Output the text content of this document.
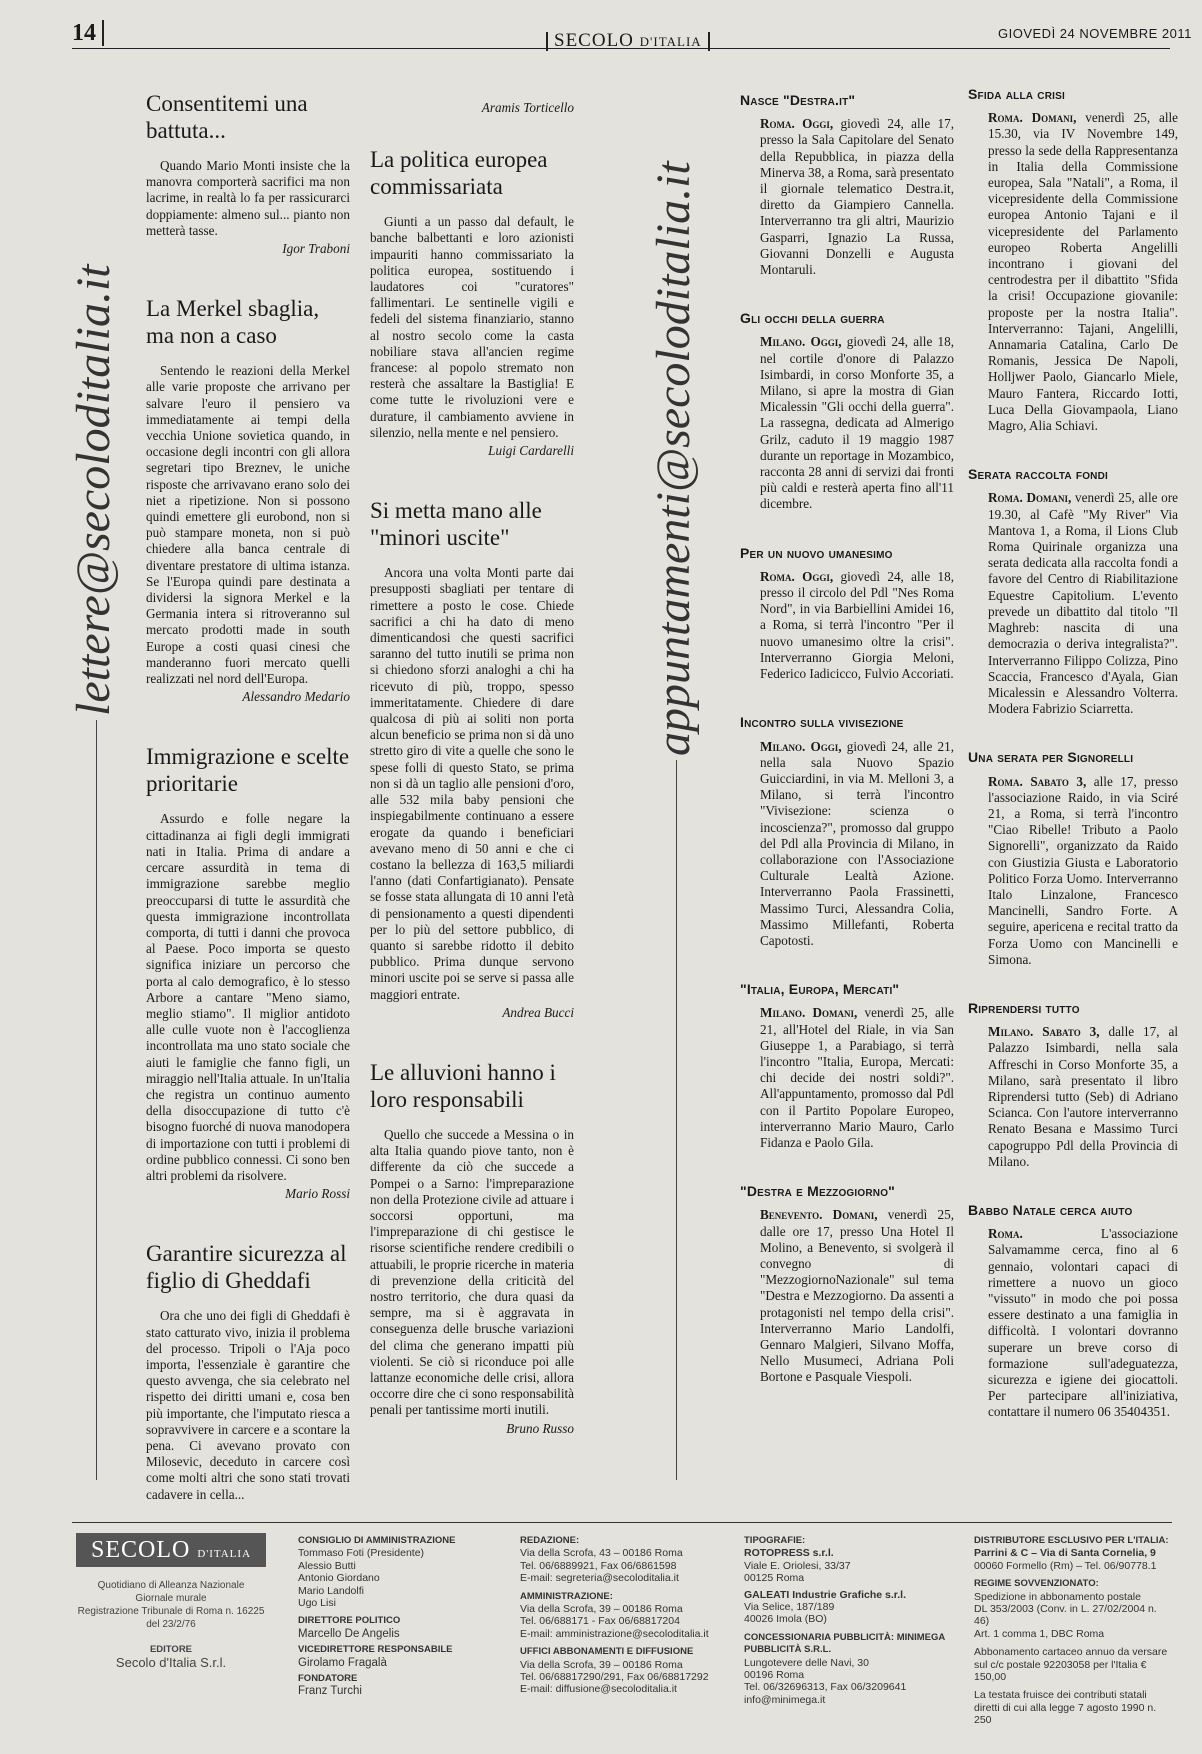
14	SECOLO D'ITALIA
GIOVEDÌ 24 NOVEMBRE 2011
lettere@secoloditalia.it	appuntamenti@secoloditalia.it
Consentitemi una battuta...

Quando Mario Monti insiste che la manovra comporterà sacrifici ma non lacrime, in realtà lo fa per rassicurarci doppiamente: almeno sul... pianto non metterà tasse.

Igor Traboni
La Merkel sbaglia, ma non a caso

Sentendo le reazioni della Merkel alle varie proposte che arrivano per salvare l'euro il pensiero va immediatamente ai tempi della vecchia Unione sovietica quando, in occasione degli incontri con gli allora segretari tipo Breznev, le uniche risposte che arrivavano erano solo dei niet a ripetizione. Non si possono quindi emettere gli eurobond, non si può stampare moneta, non si può chiedere alla banca centrale di diventare prestatore di ultima istanza. Se l'Europa quindi pare destinata a dividersi la signora Merkel e la Germania intera si ritroveranno sul mercato prodotti made in south Europe a costi quasi cinesi che manderanno fuori mercato quelli realizzati nel nord dell'Europa.

Alessandro Medario
Immigrazione e scelte prioritarie

Assurdo e folle negare la cittadinanza ai figli degli immigrati nati in Italia. Prima di andare a cercare assurdità in tema di immigrazione sarebbe meglio preoccuparsi di tutte le assurdità che questa immigrazione incontrollata comporta, di tutti i danni che provoca al Paese. Poco importa se questo significa iniziare un percorso che porta al calo demografico, è lo stesso Arbore a cantare "Meno siamo, meglio stiamo". Il miglior antidoto alle culle vuote non è l'accoglienza incontrollata ma uno stato sociale che aiuti le famiglie che fanno figli, un miraggio nell'Italia attuale. In un'Italia che registra un continuo aumento della disoccupazione di tutto c'è bisogno fuorché di nuova manodopera di importazione con tutti i problemi di ordine pubblico connessi. Ci sono ben altri problemi da risolvere.

Mario Rossi
Garantire sicurezza al figlio di Gheddafi

Ora che uno dei figli di Gheddafi è stato catturato vivo, inizia il problema del processo. Tripoli o l'Aja poco importa, l'essenziale è garantire che questo avvenga, che sia celebrato nel rispetto dei diritti umani e, cosa ben più importante, che l'imputato riesca a sopravvivere in carcere e a scontare la pena. Ci avevano provato con Milosevic, deceduto in carcere così come molti altri che sono stati trovati cadavere in cella...

Aramis Torticello
La politica europea commissariata

Giunti a un passo dal default, le banche balbettanti e loro azionisti impauriti hanno commissariato la politica europea, sostituendo i laudatores coi "curatores" fallimentari. Le sentinelle vigili e fedeli del sistema finanziario, stanno al nostro secolo come la casta nobiliare stava all'ancien regime francese: al popolo stremato non resterà che assaltare la Bastiglia! E come tutte le rivoluzioni vere e durature, il cambiamento avviene in silenzio, nella mente e nel pensiero.

Luigi Cardarelli
Si metta mano alle "minori uscite"

Ancora una volta Monti parte dai presupposti sbagliati per tentare di rimettere a posto le cose. Chiede sacrifici a chi ha dato di meno dimenticandosi che questi sacrifici saranno del tutto inutili se prima non si chiedono sforzi analoghi a chi ha ricevuto di più, troppo, spesso immeritatamente. Chiedere di dare qualcosa di più ai soliti non porta alcun beneficio se prima non si dà uno stretto giro di vite a quelle che sono le spese folli di questo Stato, se prima non si dà un taglio alle pensioni d'oro, alle 532 mila baby pensioni che inspiegabilmente continuano a essere erogate da quando i beneficiari avevano meno di 50 anni e che ci costano la bellezza di 163,5 miliardi l'anno (dati Confartigianato). Pensate se fosse stata allungata di 10 anni l'età di pensionamento a questi dipendenti per lo più del settore pubblico, di quanto si sarebbe ridotto il debito pubblico. Prima dunque servono minori uscite poi se serve si passa alle maggiori entrate.

Andrea Bucci
Le alluvioni hanno i loro responsabili

Quello che succede a Messina o in alta Italia quando piove tanto, non è differente da ciò che succede a Pompei o a Sarno: l'impreparazione non della Protezione civile ad attuare i soccorsi opportuni, ma l'impreparazione di chi gestisce le risorse scientifiche rendere credibili o attuabili, le proprie ricerche in materia di prevenzione della criticità del nostro territorio, che dura quasi da sempre, ma si è aggravata in conseguenza delle brusche variazioni del clima che generano impatti più violenti. Se ciò si riconduce poi alle lattanze economiche delle crisi, allora occorre dire che ci sono responsabilità penali per tantissime morti inutili.

Bruno Russo
Nasce "Destra.it"

Roma. Oggi, giovedì 24, alle 17, presso la Sala Capitolare del Senato della Repubblica, in piazza della Minerva 38, a Roma, sarà presentato il giornale telematico Destra.it, diretto da Giampiero Cannella. Interverranno tra gli altri, Maurizio Gasparri, Ignazio La Russa, Giovanni Donzelli e Augusta Montaruli.

Gli occhi della guerra

Milano. Oggi, giovedì 24, alle 18, nel cortile d'onore di Palazzo Isimbardi, in corso Monforte 35, a Milano, si apre la mostra di Gian Micalessin "Gli occhi della guerra". La rassegna, dedicata ad Almerigo Grilz, caduto il 19 maggio 1987 durante un reportage in Mozambico, racconta 28 anni di servizi dai fronti più caldi e resterà aperta fino all'11 dicembre.

Per un nuovo umanesimo

Roma. Oggi, giovedì 24, alle 18, presso il circolo del Pdl "Nes Roma Nord", in via Barbiellini Amidei 16, a Roma, si terrà l'incontro "Per il nuovo umanesimo oltre la crisi". Interverranno Giorgia Meloni, Federico Iadicicco, Fulvio Accoriati.

Incontro sulla vivisezione

Milano. Oggi, giovedì 24, alle 21, nella sala Nuovo Spazio Guicciardini, in via M. Melloni 3, a Milano, si terrà l'incontro "Vivisezione: scienza o incoscienza?", promosso dal gruppo del Pdl alla Provincia di Milano, in collaborazione con l'Associazione Culturale Lealtà Azione. Interverranno Paola Frassinetti, Massimo Turci, Alessandra Colia, Massimo Millefanti, Roberta Capotosti.

"Italia, Europa, Mercati"

Milano. Domani, venerdì 25, alle 21, all'Hotel del Riale, in via San Giuseppe 1, a Parabiago, si terrà l'incontro "Italia, Europa, Mercati: chi decide dei nostri soldi?". All'appuntamento, promosso dal Pdl con il Partito Popolare Europeo, interverranno Mario Mauro, Carlo Fidanza e Paolo Gila.

"Destra e Mezzogiorno"

Benevento. Domani, venerdì 25, dalle ore 17, presso Una Hotel Il Molino, a Benevento, si svolgerà il convegno di "MezzogiornoNazionale" sul tema "Destra e Mezzogiorno. Da assenti a protagonisti nel tempo della crisi". Interverranno Mario Landolfi, Gennaro Malgieri, Silvano Moffa, Nello Musumeci, Adriana Poli Bortone e Pasquale Viespoli.

Sfida alla crisi

Roma. Domani, venerdì 25, alle 15.30, via IV Novembre 149, presso la sede della Rappresentanza in Italia della Commissione europea, Sala "Natali", a Roma, il vicepresidente della Commissione europea Antonio Tajani e il vicepresidente del Parlamento europeo Roberta Angelilli incontrano i giovani del centrodestra per il dibattito "Sfida la crisi! Occupazione giovanile: proposte per la nostra Italia". Interverranno: Tajani, Angelilli, Annamaria Catalina, Carlo De Romanis, Jessica De Napoli, Holljwer Paolo, Giancarlo Miele, Mauro Fantera, Riccardo Iotti, Luca Della Giovampaola, Liano Magro, Alia Schiavi.

Serata raccolta fondi

Roma. Domani, venerdì 25, alle ore 19.30, al Cafè "My River" Via Mantova 1, a Roma, il Lions Club Roma Quirinale organizza una serata dedicata alla raccolta fondi a favore del Centro di Riabilitazione Equestre Capitolium. L'evento prevede un dibattito dal titolo "Il Maghreb: nascita di una democrazia o deriva integralista?". Interverranno Filippo Colizza, Pino Scaccia, Francesco d'Ayala, Gian Micalessin e Alessandro Volterra. Modera Fabrizio Sciarretta.

Una serata per Signorelli

Roma. Sabato 3, alle 17, presso l'associazione Raido, in via Sciré 21, a Roma, si terrà l'incontro "Ciao Ribelle! Tributo a Paolo Signorelli", organizzato da Raido con Giustizia Giusta e Laboratorio Politico Forza Uomo. Interverranno Italo Linzalone, Francesco Mancinelli, Sandro Forte. A seguire, apericena e recital tratto da Forza Uomo con Mancinelli e Simona.

Riprendersi tutto

Milano. Sabato 3, dalle 17, al Palazzo Isimbardi, nella sala Affreschi in Corso Monforte 35, a Milano, sarà presentato il libro Riprendersi tutto (Seb) di Adriano Scianca. Con l'autore interverranno Renato Besana e Massimo Turci capogruppo Pdl della Provincia di Milano.

Babbo Natale cerca aiuto

Roma.	L'associazione Salvamamme cerca, fino al 6 gennaio, volontari capaci di rimettere a nuovo un gioco "vissuto" in modo che poi possa essere destinato a una famiglia in difficoltà. I volontari dovranno superare un breve corso di formazione sull'adeguatezza, sicurezza e igiene dei giocattoli. Per partecipare all'iniziativa, contattare il numero 06 35404351.

SECOLO D'ITALIA
Quotidiano di Alleanza Nazionale
Giornale murale
Registrazione Tribunale di Roma n. 16225 del 23/2/76
EDITORE
Secolo d'Italia S.r.l.
CONSIGLIO DI AMMINISTRAZIONE
Tommaso Foti (Presidente)
Alessio Butti
Antonio Giordano
Mario Landolfi
Ugo Lisi
DIRETTORE POLITICO
Marcello De Angelis
VICEDIRETTORE RESPONSABILE
Girolamo Fragalà
FONDATORE
Franz Turchi
REDAZIONE:
Via della Scrofa, 43 – 00186 Roma
Tel. 06/6889921, Fax 06/6861598
E-mail: segreteria@secoloditalia.it
AMMINISTRAZIONE:
Via della Scrofa, 39 – 00186 Roma
Tel. 06/688171 - Fax 06/68817204
E-mail: amministrazione@secoloditalia.it
UFFICI ABBONAMENTI E DIFFUSIONE
Via della Scrofa, 39 – 00186 Roma
Tel. 06/68817290/291, Fax 06/68817292
E-mail: diffusione@secoloditalia.it
TIPOGRAFIE:
ROTOPRESS s.r.l.
Viale E. Oriolesi, 33/37
00125 Roma
GALEATI Industrie Grafiche s.r.l.
Via Selice, 187/189
40026 Imola (BO)
CONCESSIONARIA PUBBLICITÀ: MINIMEGA PUBBLICITÀ S.R.L.
Lungotevere delle Navi, 30
00196 Roma
Tel. 06/32696313, Fax 06/3209641
info@minimega.it
DISTRIBUTORE ESCLUSIVO PER L'ITALIA:
Parrini & C – Via di Santa Cornelia, 9
00060 Formello (Rm) – Tel. 06/90778.1
REGIME SOVVENZIONATO:
Spedizione in abbonamento postale
DL 353/2003 (Conv. in L. 27/02/2004 n. 46)
Art. 1 comma 1, DBC Roma

Abbonamento cartaceo annuo da versare
sul c/c postale 92203058 per l'Italia € 150,00
La testata fruisce dei contributi statali diretti di cui alla legge 7 agosto 1990 n. 250
